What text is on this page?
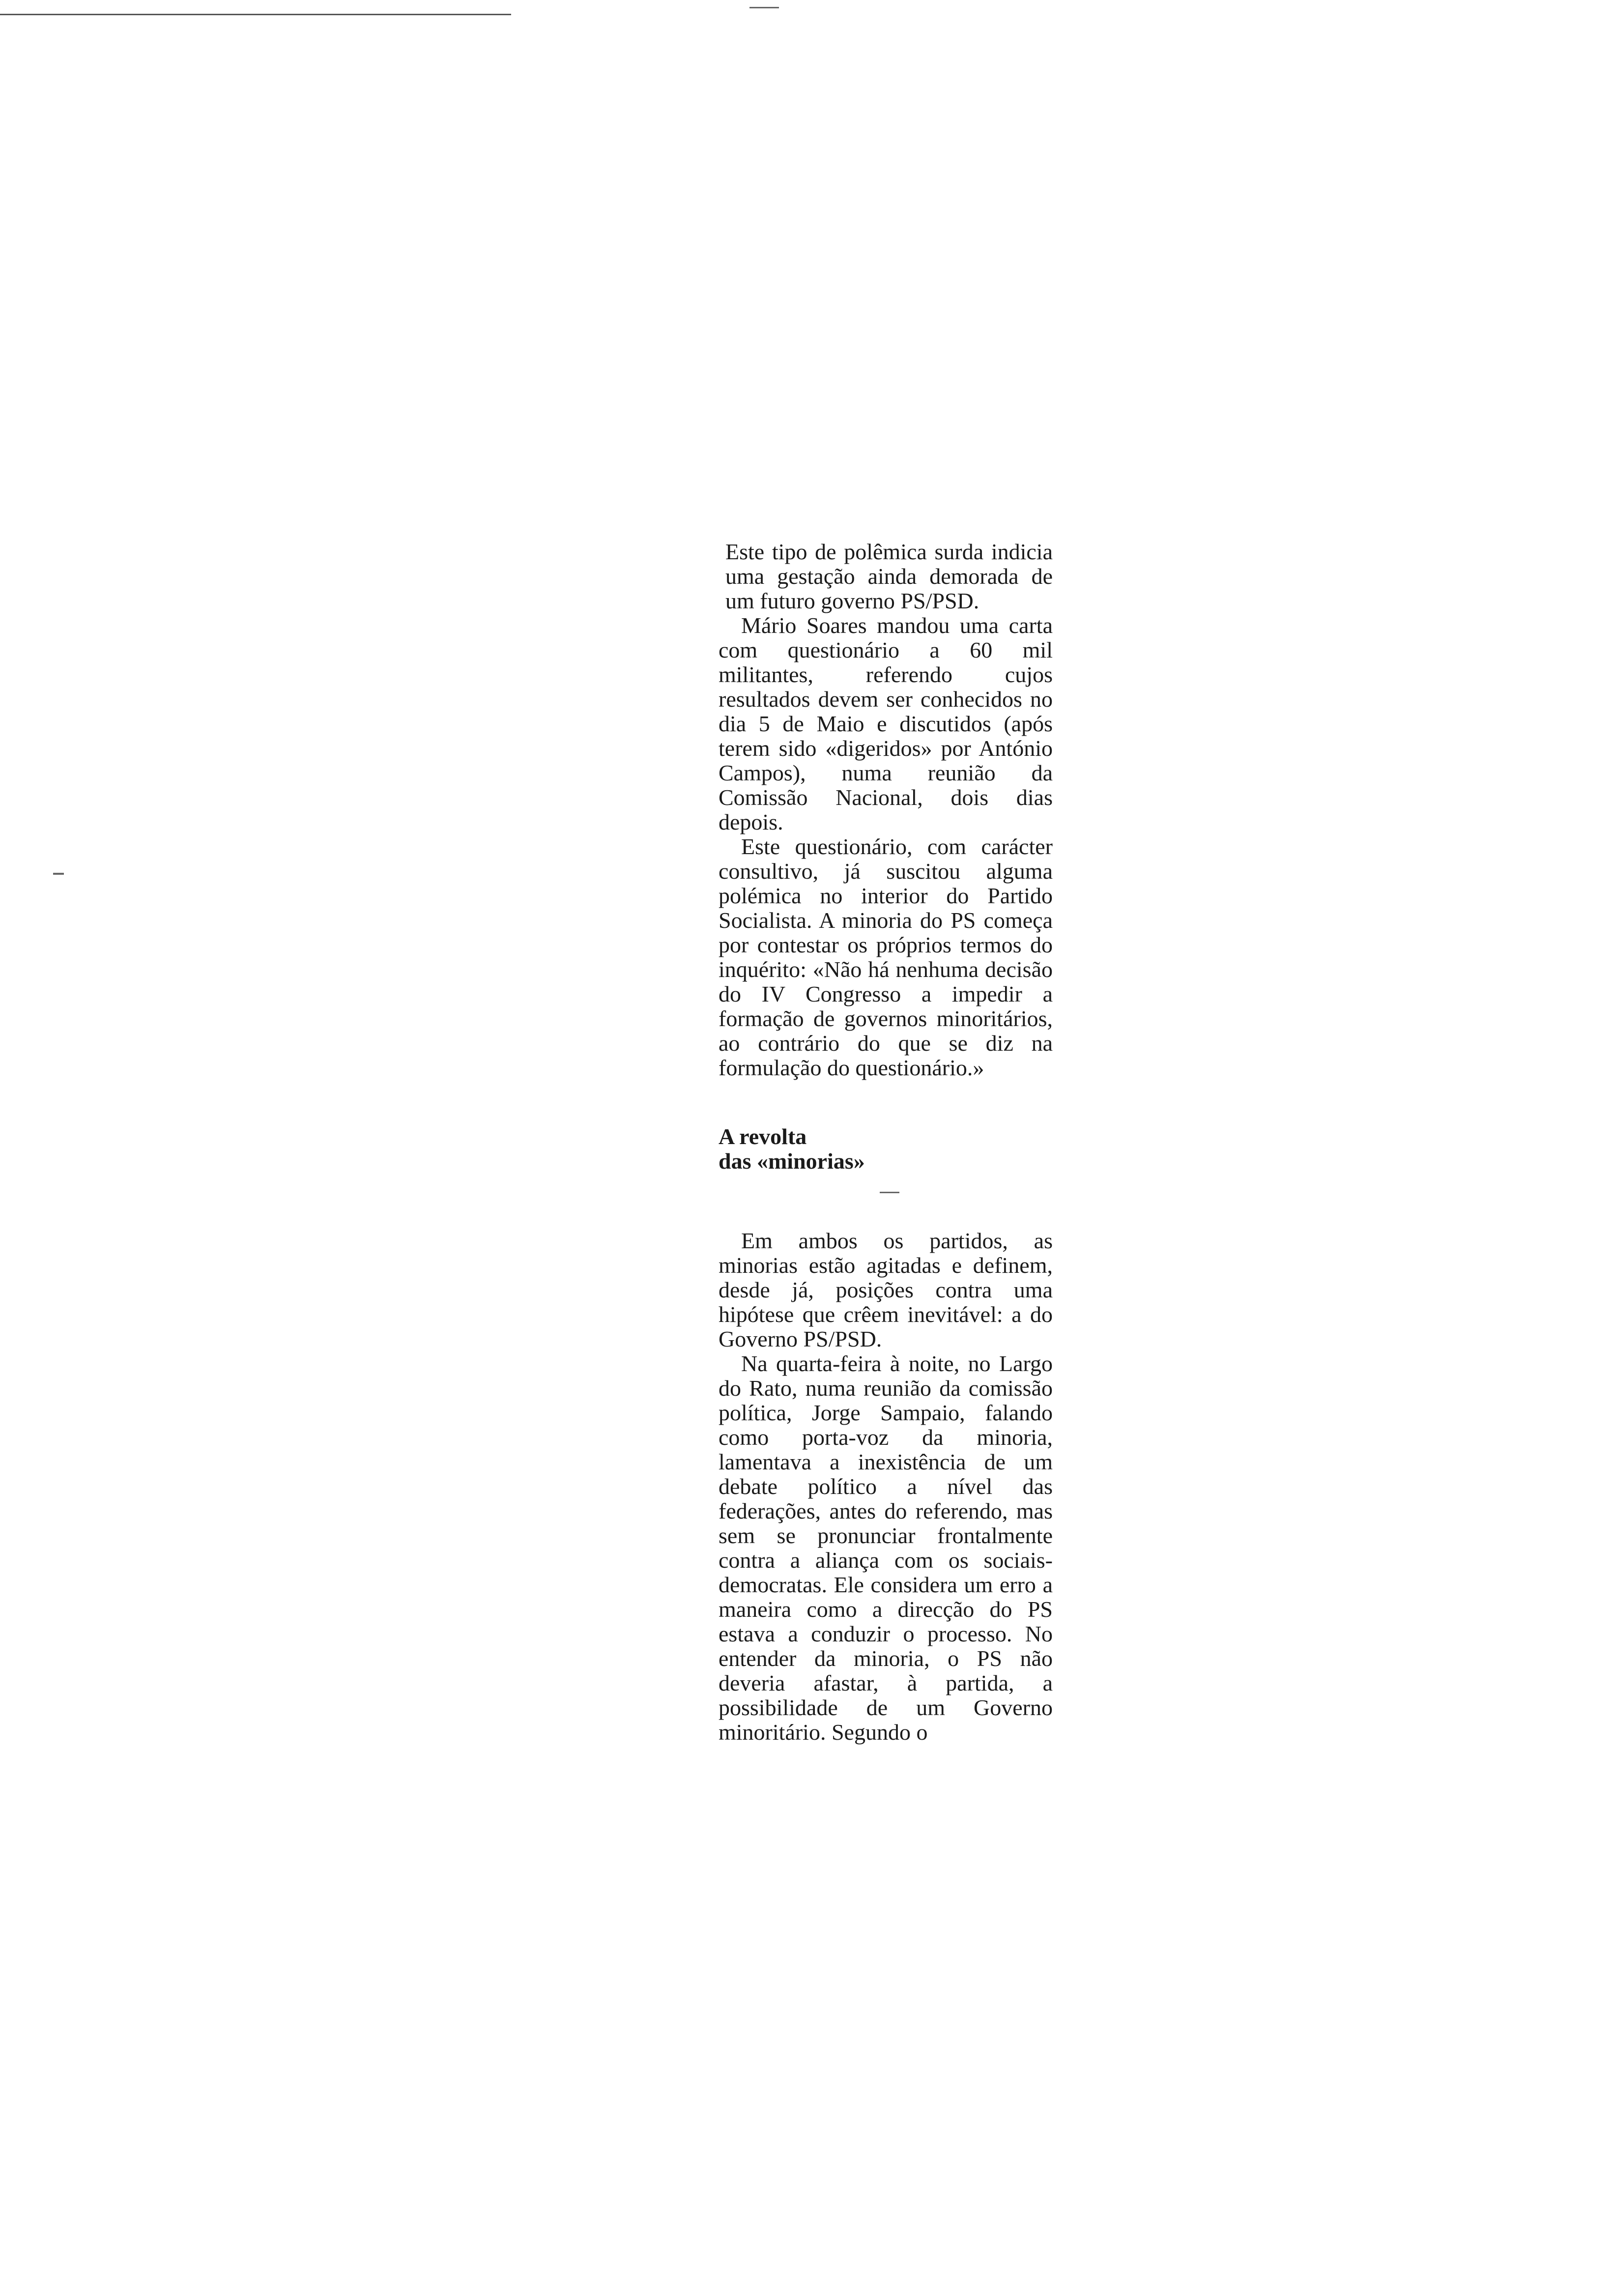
Este tipo de polêmica surda indicia uma gestação ainda demorada de um futuro governo PS/PSD.

Mário Soares mandou uma carta com questionário a 60 mil militantes, referendo cujos resultados devem ser conhecidos no dia 5 de Maio e discutidos (após terem sido «digeridos» por António Campos), numa reunião da Comissão Nacional, dois dias depois.

Este questionário, com carácter consultivo, já suscitou alguma polémica no interior do Partido Socialista. A minoria do PS começa por contestar os próprios termos do inquérito: «Não há nenhuma decisão do IV Congresso a impedir a formação de governos minoritários, ao contrário do que se diz na formulação do questionário.»

A revolta
das «minorias»

Em ambos os partidos, as minorias estão agitadas e definem, desde já, posições contra uma hipótese que crêem inevitável: a do Governo PS/PSD.

Na quarta-feira à noite, no Largo do Rato, numa reunião da comissão política, Jorge Sampaio, falando como porta-voz da minoria, lamentava a inexistência de um debate político a nível das federações, antes do referendo, mas sem se pronunciar frontalmente contra a aliança com os sociais-democratas. Ele considera um erro a maneira como a direcção do PS estava a conduzir o processo. No entender da minoria, o PS não deveria afastar, à partida, a possibilidade de um Governo minoritário. Segundo o
